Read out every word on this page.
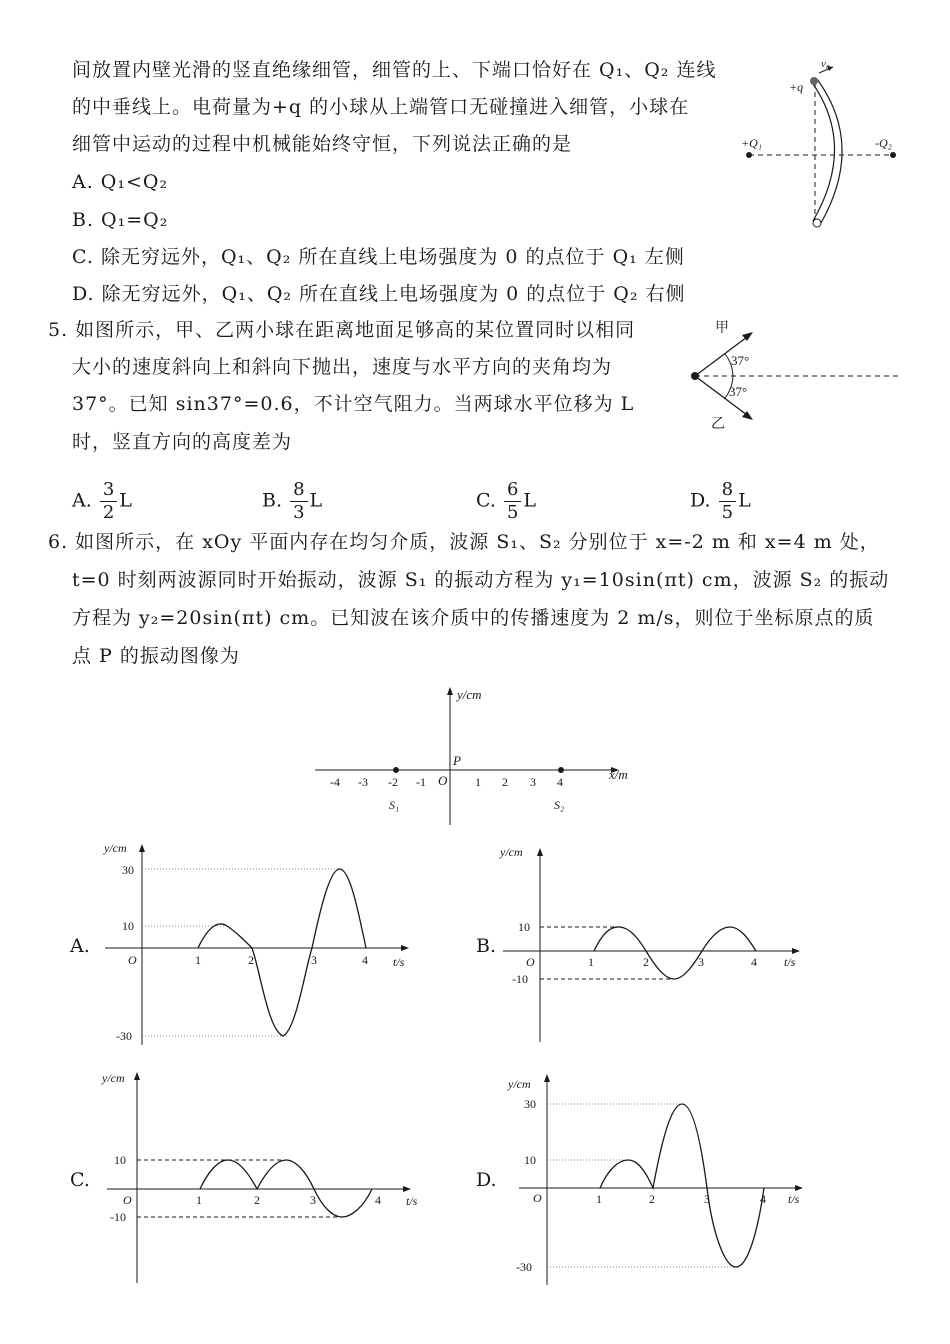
间放置内壁光滑的竖直绝缘细管，细管的上、下端口恰好在 Q₁、Q₂ 连线
的中垂线上。电荷量为+q 的小球从上端管口无碰撞进入细管，小球在
细管中运动的过程中机械能始终守恒，下列说法正确的是
A. Q₁<Q₂
B. Q₁=Q₂
C. 除无穷远外，Q₁、Q₂ 所在直线上电场强度为 0 的点位于 Q₁ 左侧
D. 除无穷远外，Q₁、Q₂ 所在直线上电场强度为 0 的点位于 Q₂ 右侧
v₀
+q
+Q₁	-Q₂
5. 如图所示，甲、乙两小球在距离地面足够高的某位置同时以相同
大小的速度斜向上和斜向下抛出，速度与水平方向的夹角均为
37°。已知 sin37°=0.6，不计空气阻力。当两球水平位移为 L
时，竖直方向的高度差为
甲
乙
37°
37°
A. $\frac{3}{2}$ L	B. $\frac{8}{3}$ L	C. $\frac{6}{5}$ L	D. $\frac{8}{5}$ L
6. 如图所示，在 xOy 平面内存在均匀介质，波源 S₁、S₂ 分别位于 x=-2 m 和 x=4 m 处，
t=0 时刻两波源同时开始振动，波源 S₁ 的振动方程为 y₁=10sin(πt) cm，波源 S₂ 的振动
方程为 y₂=20sin(πt) cm。已知波在该介质中的传播速度为 2 m/s，则位于坐标原点的质
点 P 的振动图像为
y/cm
x/m
O
P
-4 -3 -2 -1	1 2 3 4
S₁	S₂
A.
y/cm
t/s
O
30
10
-30
1	2	3	4
B.
y/cm
t/s
O
10
-10
1	2	3	4
C.
y/cm
t/s
O
10
-10
1	2	3	4
D.
y/cm
t/s
O
30
10
-30
1	2	3	4
